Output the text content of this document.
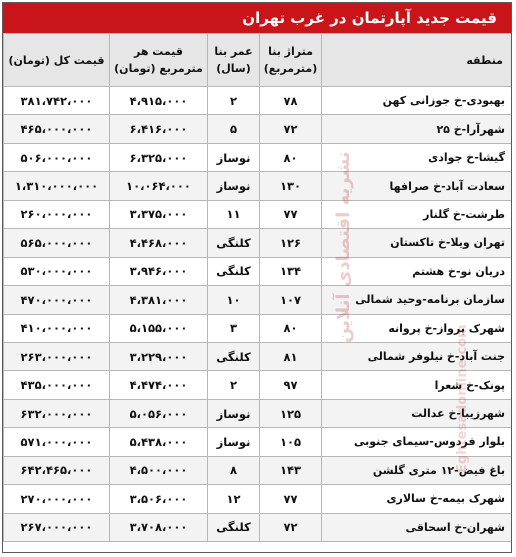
قیمت جدید آپارتمان در غرب تهران
منطقه	متراژ بنا (مترمربع)	عمر بنا (سال)	قیمت هر مترمربع (تومان)	قیمت کل (تومان)
بهبودی-خ جوزانی کهن	۷۸	۲	۴،۹۱۵،۰۰۰	۳۸۱،۷۴۲،۰۰۰
شهرآرا-خ ۲۵	۷۲	۵	۶،۴۱۶،۰۰۰	۴۶۵،۰۰۰،۰۰۰
گیشا-خ جوادی	۸۰	نوساز	۶،۳۲۵،۰۰۰	۵۰۶،۰۰۰،۰۰۰
سعادت آباد-خ صرافها	۱۳۰	نوساز	۱۰،۰۶۴،۰۰۰	۱،۳۱۰،۰۰۰،۰۰۰
طرشت-خ گلنار	۷۷	۱۱	۳،۳۷۵،۰۰۰	۲۶۰،۰۰۰،۰۰۰
تهران ویلا-خ تاکستان	۱۲۶	کلنگی	۴،۴۶۸،۰۰۰	۵۶۵،۰۰۰،۰۰۰
دریان نو-خ هشتم	۱۳۴	کلنگی	۳،۹۴۶،۰۰۰	۵۳۰،۰۰۰،۰۰۰
سازمان برنامه-وحید شمالی	۱۰۷	۱۰	۴،۳۸۱،۰۰۰	۴۷۰،۰۰۰،۰۰۰
شهرک پرواز-خ پروانه	۸۰	۳	۵،۱۵۵،۰۰۰	۴۱۰،۰۰۰،۰۰۰
جنت آباد-خ نیلوفر شمالی	۸۱	کلنگی	۳،۲۲۹،۰۰۰	۲۶۳،۰۰۰،۰۰۰
پونک-خ شعرا	۹۷	۲	۴،۴۷۴،۰۰۰	۴۳۵،۰۰۰،۰۰۰
شهرزیبا-خ عدالت	۱۲۵	نوساز	۵،۰۵۶،۰۰۰	۶۳۲،۰۰۰،۰۰۰
بلوار فردوس-سیمای جنوبی	۱۰۵	نوساز	۵،۴۳۸،۰۰۰	۵۷۱،۰۰۰،۰۰۰
باغ فیض-۱۲ متری گلشن	۱۴۳	۸	۴،۵۰۰،۰۰۰	۶۴۲،۴۶۵،۰۰۰
شهرک بیمه-خ سالاری	۷۷	۱۲	۳،۵۰۶،۰۰۰	۲۷۰،۰۰۰،۰۰۰
شهران-خ اسحاقی	۷۲	کلنگی	۳،۷۰۸،۰۰۰	۲۶۷،۰۰۰،۰۰۰
نشریه اقتصادی آنلاین
Eghtesadonline.com
